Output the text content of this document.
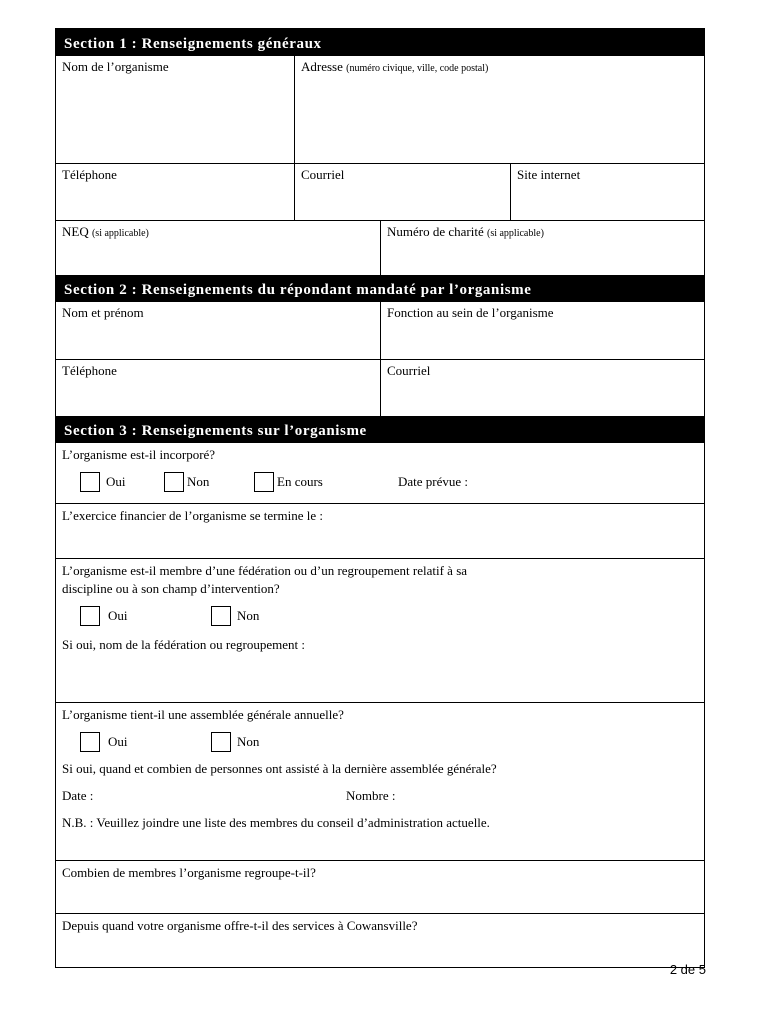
Section 1 : Renseignements généraux
Nom de l’organisme	Adresse (numéro civique, ville, code postal)
Téléphone	Courriel	Site internet
NEQ (si applicable)	Numéro de charité (si applicable)
Section 2 : Renseignements du répondant mandaté par l’organisme
Nom et prénom	Fonction au sein de l’organisme
Téléphone	Courriel
Section 3 : Renseignements sur l’organisme
L’organisme est-il incorporé?
Oui	Non	En cours	Date prévue :
L’exercice financier de l’organisme se termine le :
L’organisme est-il membre d’une fédération ou d’un regroupement relatif à sa
discipline ou à son champ d’intervention?
Oui	Non
Si oui, nom de la fédération ou regroupement :
L’organisme tient-il une assemblée générale annuelle?
Oui	Non
Si oui, quand et combien de personnes ont assisté à la dernière assemblée générale?
Date :	Nombre :
N.B. : Veuillez joindre une liste des membres du conseil d’administration actuelle.
Combien de membres l’organisme regroupe-t-il?
Depuis quand votre organisme offre-t-il des services à Cowansville?
2 de 5
